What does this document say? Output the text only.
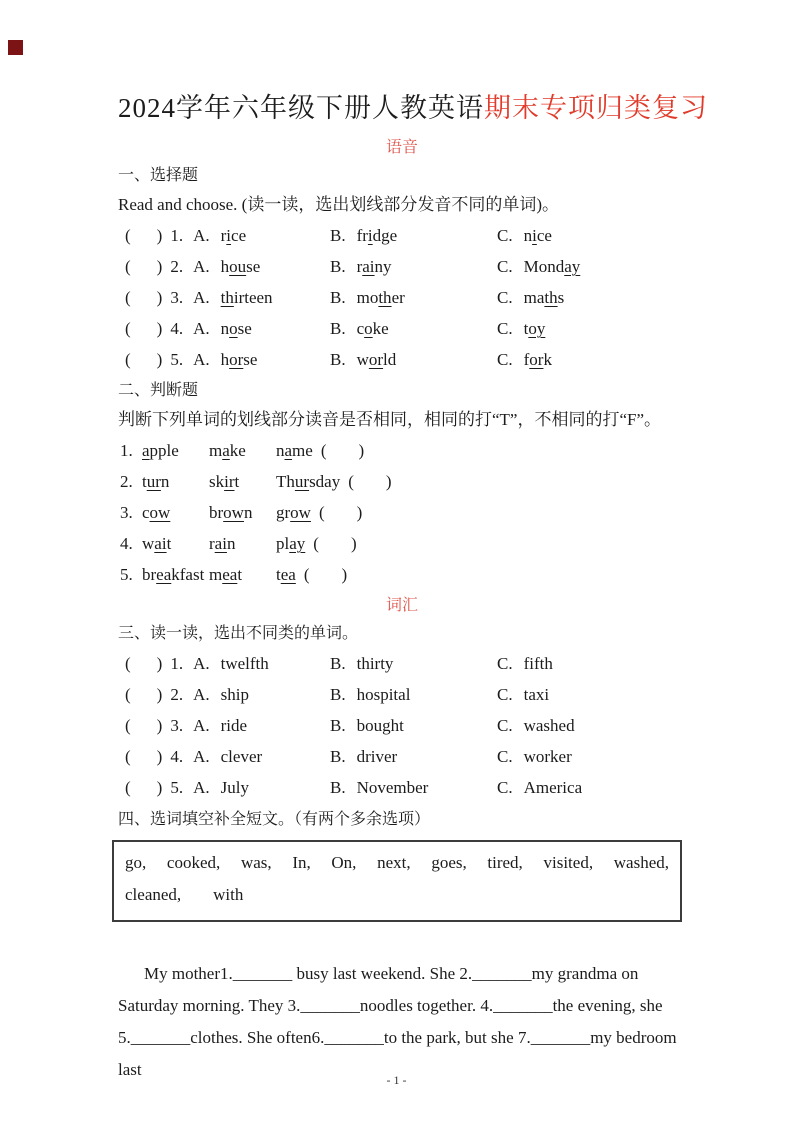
2024学年六年级下册人教英语期末专项归类复习
语音
一、选择题
Read and choose. (读一读，选出划线部分发音不同的单词)。
( ) 1. A. rice	B. fridge	C. nice
( ) 2. A. house	B. rainy	C. Monday
( ) 3. A. thirteen	B. mother	C. maths
( ) 4. A. nose	B. coke	C. toy
( ) 5. A. horse	B. world	C. fork
二、判断题
判断下列单词的划线部分读音是否相同，相同的打“T”，不相同的打“F”。
1. apple make name ( )
2. turn skirt Thursday ( )
3. cow brown grow ( )
4. wait rain play ( )
5. breakfast meat tea ( )
词汇
三、读一读，选出不同类的单词。
( ) 1. A. twelfth	B. thirty	C. fifth
( ) 2. A. ship	B. hospital	C. taxi
( ) 3. A. ride	B. bought	C. washed
( ) 4. A. clever	B. driver	C. worker
( ) 5. A. July	B. November	C. America
四、选词填空补全短文。（有两个多余选项）
go, cooked, was, In, On, next, goes, tired, visited, washed,
cleaned, with
My mother1._______ busy last weekend. She 2._______my grandma on
Saturday morning. They 3._______noodles together. 4._______the evening, she
5._______clothes. She often6._______to the park, but she 7._______my bedroom last
- 1 -
